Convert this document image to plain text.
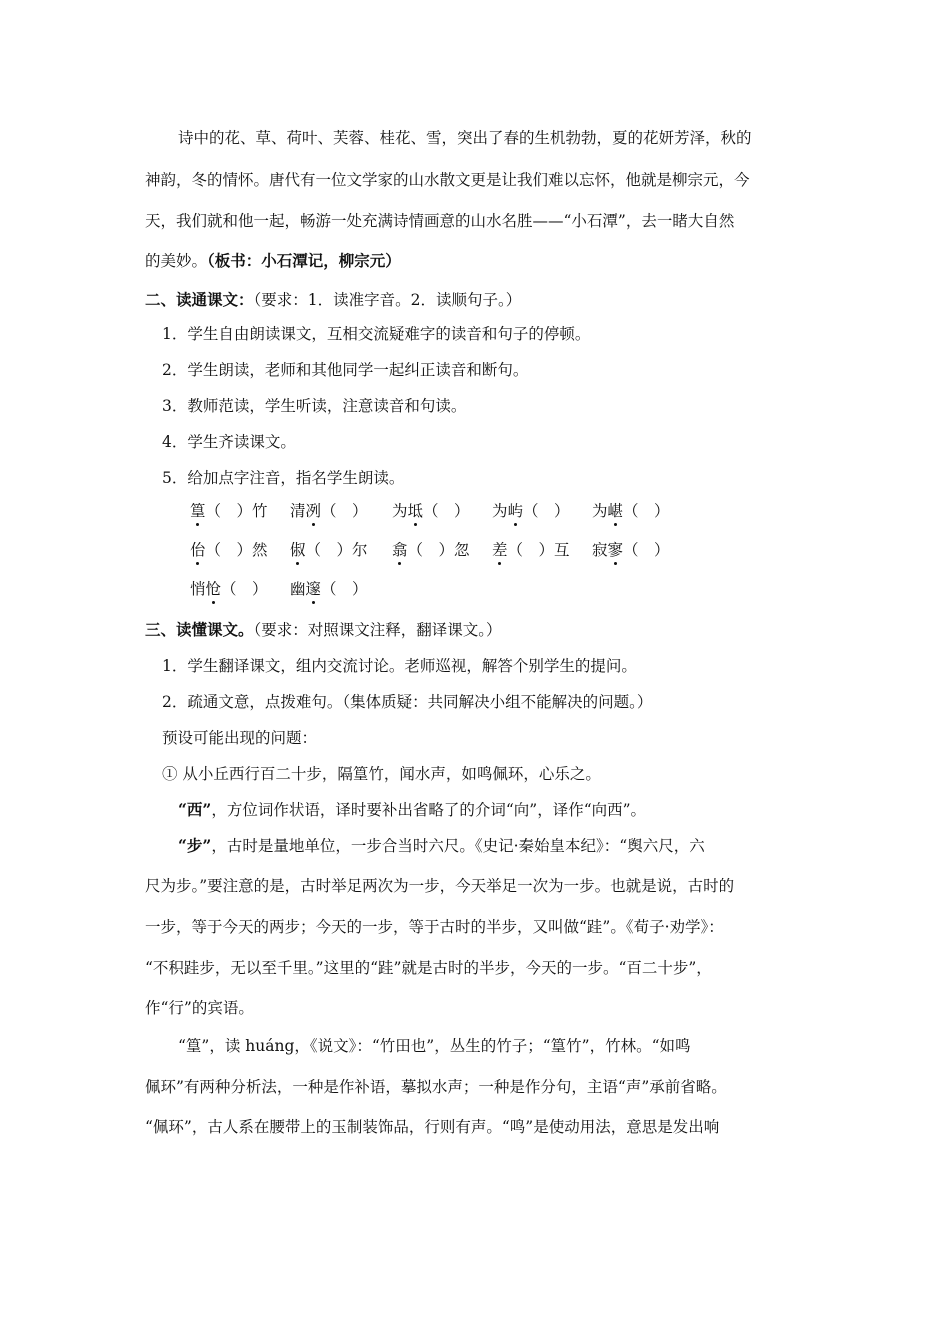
诗中的花、草、荷叶、芙蓉、桂花、雪，突出了春的生机勃勃，夏的花妍芳泽，秋的
神韵，冬的情怀。唐代有一位文学家的山水散文更是让我们难以忘怀，他就是柳宗元，今
天，我们就和他一起，畅游一处充满诗情画意的山水名胜——“小石潭”，去一睹大自然
的美妙。（板书：小石潭记，柳宗元）
二、读通课文：（要求：1．读准字音。2．读顺句子。）
1．学生自由朗读课文，互相交流疑难字的读音和句子的停顿。
2．学生朗读，老师和其他同学一起纠正读音和断句。
3．教师范读，学生听读，注意读音和句读。
4．学生齐读课文。
5．给加点字注音，指名学生朗读。
篁（　）竹 清冽（　） 为坻（　） 为屿（　） 为嵁（　）
佁（　）然 俶（　）尔 翕（　）忽 差（　）互 寂寥（　）
悄怆（　） 幽邃（　）
三、读懂课文。（要求：对照课文注释，翻译课文。）
1．学生翻译课文，组内交流讨论。老师巡视，解答个别学生的提问。
2．疏通文意，点拨难句。（集体质疑：共同解决小组不能解决的问题。）
预设可能出现的问题：
① 从小丘西行百二十步，隔篁竹，闻水声，如鸣佩环，心乐之。
“西”，方位词作状语，译时要补出省略了的介词“向”，译作“向西”。
“步”，古时是量地单位，一步合当时六尺。《史记·秦始皇本纪》：“舆六尺，六
尺为步。”要注意的是，古时举足两次为一步，今天举足一次为一步。也就是说，古时的
一步，等于今天的两步；今天的一步，等于古时的半步，又叫做“跬”。《荀子·劝学》：
“不积跬步，无以至千里。”这里的“跬”就是古时的半步，今天的一步。“百二十步”，
作“行”的宾语。
“篁”，读 huáng，《说文》：“竹田也”，丛生的竹子；“篁竹”，竹林。“如鸣
佩环”有两种分析法，一种是作补语，摹拟水声；一种是作分句，主语“声”承前省略。
“佩环”，古人系在腰带上的玉制装饰品，行则有声。“鸣”是使动用法，意思是发出响
